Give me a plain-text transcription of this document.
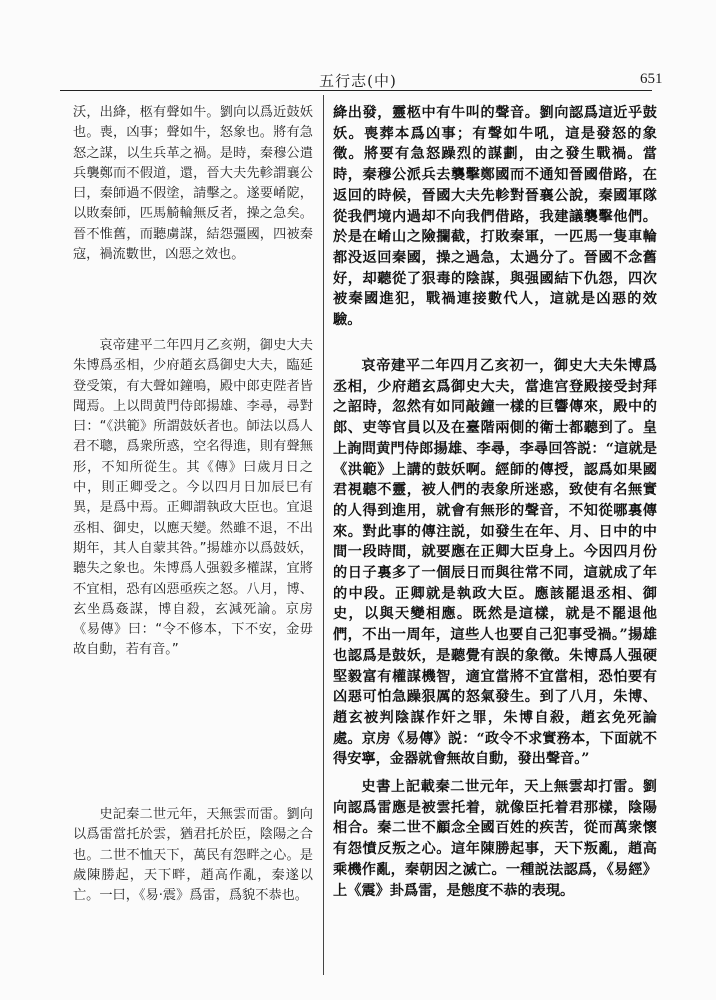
五行志(中)	651

沃，出絳，柩有聲如牛。劉向以爲近鼓妖也。喪，凶事；聲如牛，怒象也。將有急怒之謀，以生兵革之禍。是時，秦穆公遣兵襲鄭而不假道，還，晉大夫先軫謂襄公曰，秦師過不假塗，請擊之。遂要崤阸，以敗秦師，匹馬觭輪無反者，操之急矣。晉不惟舊，而聽虜謀，結怨彊國，四被秦寇，禍流數世，凶惡之效也。

哀帝建平二年四月乙亥朔，御史大夫朱博爲丞相，少府趙玄爲御史大夫，臨延登受策，有大聲如鐘鳴，殿中郎吏陛者皆聞焉。上以問黄門侍郎揚雄、李尋，尋對曰：“《洪範》所謂鼓妖者也。師法以爲人君不聰，爲衆所惑，空名得進，則有聲無形，不知所從生。其《傳》曰歲月日之中，則正卿受之。今以四月日加辰巳有異，是爲中焉。正卿謂執政大臣也。宜退丞相、御史，以應天變。然雖不退，不出期年，其人自蒙其咎。”揚雄亦以爲鼓妖，聽失之象也。朱博爲人强毅多權謀，宜將不宜相，恐有凶惡亟疾之怒。八月，博、玄坐爲姦謀，博自殺，玄減死論。京房《易傳》曰：“令不修本，下不安，金毋故自動，若有音。”

史記秦二世元年，天無雲而雷。劉向以爲雷當托於雲，猶君托於臣，陰陽之合也。二世不恤天下，萬民有怨畔之心。是歲陳勝起，天下畔，趙高作亂，秦遂以亡。一曰，《易·震》爲雷，爲貌不恭也。

絳出發，靈柩中有牛叫的聲音。劉向認爲這近乎鼓妖。喪葬本爲凶事；有聲如牛吼，這是發怒的象徵。將要有急怒躁烈的謀劃，由之發生戰禍。當時，秦穆公派兵去襲擊鄭國而不通知晉國借路，在返回的時候，晉國大夫先軫對晉襄公說，秦國軍隊從我們境内過却不向我們借路，我建議襲擊他們。於是在崤山之險攔截，打敗秦軍，一匹馬一隻車輪都没返回秦國，操之過急，太過分了。晉國不念舊好，却聽從了狠毒的陰謀，與强國結下仇怨，四次被秦國進犯，戰禍連接數代人，這就是凶惡的效驗。

哀帝建平二年四月乙亥初一，御史大夫朱博爲丞相，少府趙玄爲御史大夫，當進宫登殿接受封拜之詔時，忽然有如同敲鐘一樣的巨響傳來，殿中的郎、吏等官員以及在臺階兩側的衛士都聽到了。皇上詢問黄門侍郎揚雄、李尋，李尋回答説：“這就是《洪範》上講的鼓妖啊。經師的傳授，認爲如果國君視聽不靈，被人們的表象所迷惑，致使有名無實的人得到進用，就會有無形的聲音，不知從哪裏傳來。對此事的傳注説，如發生在年、月、日中的中間一段時間，就要應在正卿大臣身上。今因四月份的日子裏多了一個辰日而與往常不同，這就成了年的中段。正卿就是執政大臣。應該罷退丞相、御史，以與天變相應。既然是這樣，就是不罷退他們，不出一周年，這些人也要自己犯事受禍。”揚雄也認爲是鼓妖，是聽覺有誤的象徵。朱博爲人强硬堅毅富有權謀機智，適宜當將不宜當相，恐怕要有凶惡可怕急躁狠厲的怒氣發生。到了八月，朱博、趙玄被判陰謀作奸之罪，朱博自殺，趙玄免死論處。京房《易傳》説：“政令不求實務本，下面就不得安寧，金器就會無故自動，發出聲音。”

史書上記載秦二世元年，天上無雲却打雷。劉向認爲雷應是被雲托着，就像臣托着君那樣，陰陽相合。秦二世不顧念全國百姓的疾苦，從而萬衆懷有怨憤反叛之心。這年陳勝起事，天下叛亂，趙高乘機作亂，秦朝因之滅亡。一種説法認爲，《易經》上《震》卦爲雷，是態度不恭的表現。
